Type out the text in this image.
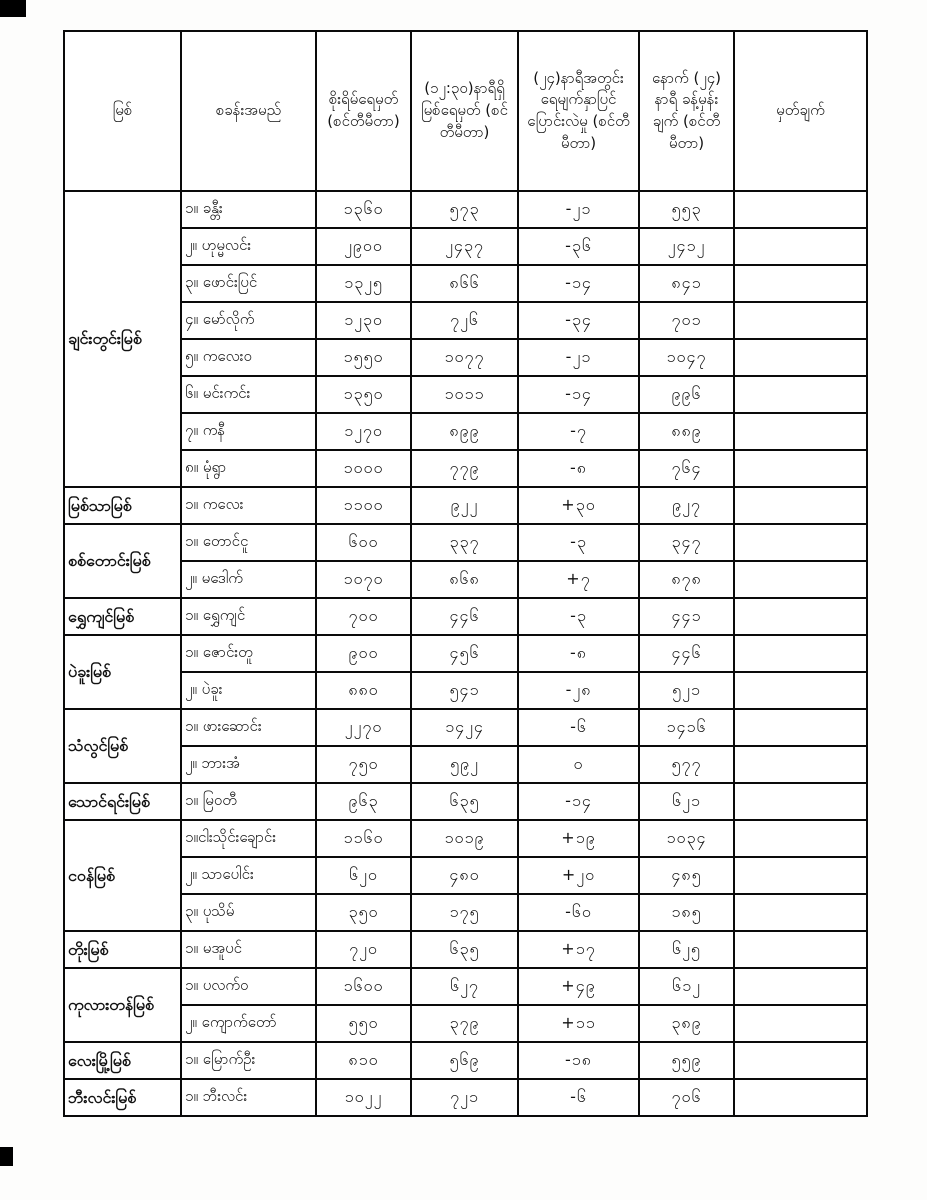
မြစ်	စခန်းအမည်	စိုးရိမ်ရေမှတ် (စင်တီမီတာ)	(၁၂:၃၀)နာရီရှိ မြစ်ရေမှတ် (စင်တီမီတာ)	(၂၄)နာရီအတွင်း ရေမျက်နှာပြင် ပြောင်းလဲမှု (စင်တီမီတာ)	နောက် (၂၄) နာရီ ခန့်မှန်းချက် (စင်တီမီတာ)	မှတ်ချက်
ချင်းတွင်းမြစ်	၁။ ခန္တီး	၁၃၆၀	၅၇၃	-၂၁	၅၅၃	
	၂။ ဟုမ္မလင်း	၂၉၀၀	၂၄၃၇	-၃၆	၂၄၁၂	
	၃။ ဖောင်းပြင်	၁၃၂၅	၈၆၆	-၁၄	၈၄၁	
	၄။ မော်လိုက်	၁၂၃၀	၇၂၆	-၃၄	၇၀၁	
	၅။ ကလေးဝ	၁၅၅၀	၁၀၇၇	-၂၁	၁၀၄၇	
	၆။ မင်းကင်း	၁၃၅၀	၁၀၁၁	-၁၄	၉၉၆	
	၇။ ကနီ	၁၂၇၀	၈၉၉	-၇	၈၈၉	
	၈။ မုံရွာ	၁၀၀၀	၇၇၉	-၈	၇၆၄	
မြစ်သာမြစ်	၁။ ကလေး	၁၁၀၀	၉၂၂	+၃၀	၉၂၇	
စစ်တောင်းမြစ်	၁။ တောင်ငူ	၆၀၀	၃၃၇	-၃	၃၄၇	
	၂။ မဒေါက်	၁၀၇၀	၈၆၈	+၇	၈၇၈	
ရွှေကျင်မြစ်	၁။ ရွှေကျင်	၇၀၀	၄၄၆	-၃	၄၄၁	
ပဲခူးမြစ်	၁။ ဇောင်းတူ	၉၀၀	၄၅၆	-၈	၄၄၆	
	၂။ ပဲခူး	၈၈၀	၅၄၁	-၂၈	၅၂၁	
သံလွင်မြစ်	၁။ ဖားဆောင်း	၂၂၇၀	၁၄၂၄	-၆	၁၄၁၆	
	၂။ ဘားအံ	၇၅၀	၅၉၂	၀	၅၇၇	
သောင်ရင်းမြစ်	၁။ မြဝတီ	၉၆၃	၆၃၅	-၁၄	၆၂၁	
ငဝန်မြစ်	၁။ငါးသိုင်းချောင်း	၁၁၆၀	၁၀၁၉	+၁၉	၁၀၃၄	
	၂။ သာပေါင်း	၆၂၀	၄၈၀	+၂၀	၄၈၅	
	၃။ ပုသိမ်	၃၅၀	၁၇၅	-၆၀	၁၈၅	
တိုးမြစ်	၁။ မအူပင်	၇၂၀	၆၃၅	+၁၇	၆၂၅	
ကုလားတန်မြစ်	၁။ ပလက်ဝ	၁၆၀၀	၆၂၇	+၄၉	၆၁၂	
	၂။ ကျောက်တော်	၅၅၀	၃၇၉	+၁၁	၃၈၉	
လေးမြို့မြစ်	၁။ မြောက်ဦး	၈၁၀	၅၆၉	-၁၈	၅၅၉	
ဘီးလင်းမြစ်	၁။ ဘီးလင်း	၁၀၂၂	၇၂၁	-၆	၇၀၆	
